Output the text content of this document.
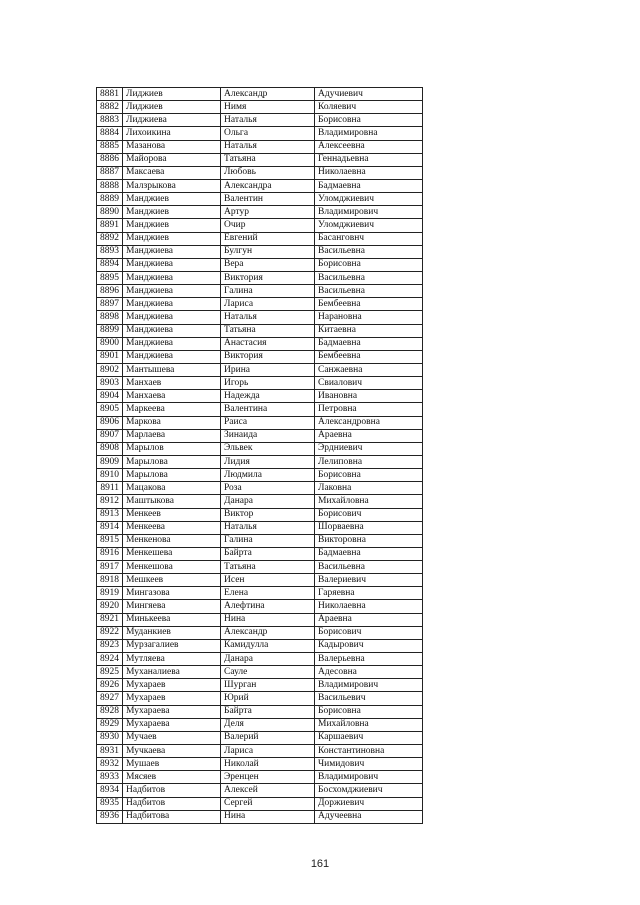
8881	Лиджиев	Александр	Адучиевич
8882	Лиджиев	Нимя	Коляевич
8883	Лиджиева	Наталья	Борисовна
8884	Лихоикина	Ольга	Владимировна
8885	Мазанова	Наталья	Алексеевна
8886	Майорова	Татьяна	Геннадьевна
8887	Максаева	Любовь	Николаевна
8888	Малзрыкова	Александра	Бадмаевна
8889	Манджиев	Валентин	Уломджиевич
8890	Манджиев	Артур	Владимирович
8891	Манджиев	Очир	Уломджиевич
8892	Манджиев	Евгений	Басанговнч
8893	Манджиева	Булгун	Васильевна
8894	Манджиева	Вера	Борисовна
8895	Манджиева	Виктория	Васильевна
8896	Манджиева	Галина	Васильевна
8897	Манджиева	Лариса	Бембеевна
8898	Манджиева	Наталья	Нарановна
8899	Манджиева	Татьяна	Китаевна
8900	Манджиева	Анастасия	Бадмаевна
8901	Манджиева	Виктория	Бембеевна
8902	Мантышева	Ирина	Санжаевна
8903	Манхаев	Игорь	Свиалович
8904	Манхаева	Надежда	Ивановна
8905	Маркеева	Валентина	Петровна
8906	Маркова	Раиса	Александровна
8907	Марлаева	Зинаида	Араевна
8908	Марылов	Эльвек	Эрдниевич
8909	Марылова	Лидия	Лелиповна
8910	Марылова	Людмила	Борисовна
8911	Мацакова	Роза	Лаковна
8912	Маштыкова	Данара	Михайловна
8913	Менкеев	Виктор	Борисович
8914	Менкеева	Наталья	Шорваевна
8915	Менкенова	Галина	Викторовна
8916	Менкешева	Байрта	Бадмаевна
8917	Менкешова	Татьяна	Васильевна
8918	Мешкеев	Исен	Валериевич
8919	Мингазова	Елена	Гаряевна
8920	Мингяева	Алефтина	Николаевна
8921	Минькеева	Нина	Араевна
8922	Муданкиев	Александр	Борисович
8923	Мурзагалиев	Камидулла	Кадырович
8924	Мутляева	Данара	Валерьевна
8925	Муханалиева	Сауле	Адесовна
8926	Мухараев	Шурган	Владимирович
8927	Мухараев	Юрий	Васильевич
8928	Мухараева	Байрта	Борисовна
8929	Мухараева	Деля	Михайловна
8930	Мучаев	Валерий	Каршаевич
8931	Мучкаева	Лариса	Константиновна
8932	Мушаев	Николай	Чимидович
8933	Мясяев	Эренцен	Владимирович
8934	Надбитов	Алексей	Босхомджиевич
8935	Надбитов	Сергей	Доржиевич
8936	Надбитова	Нина	Адучеевна
161
